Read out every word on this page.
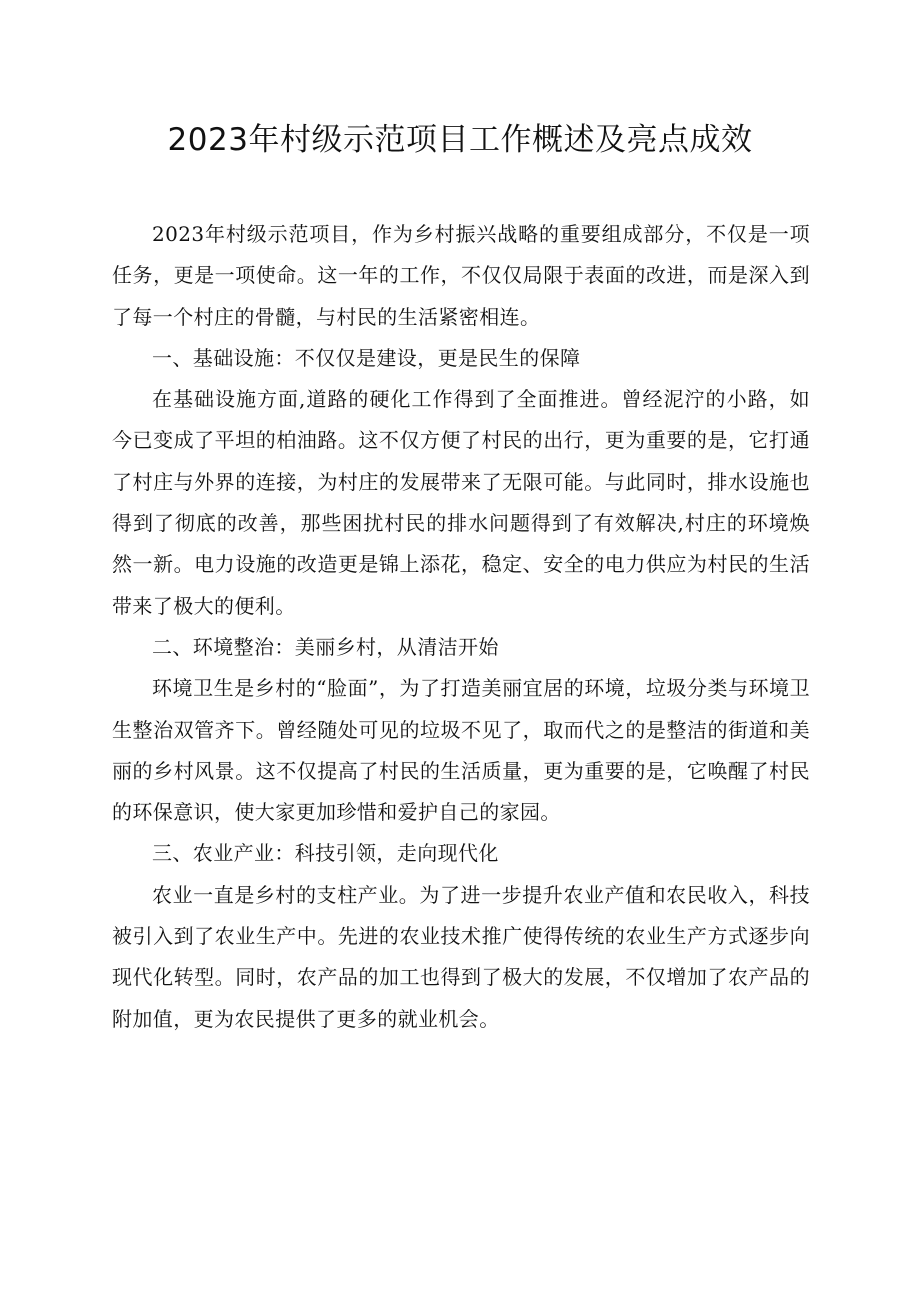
2023年村级示范项目工作概述及亮点成效

2023年村级示范项目，作为乡村振兴战略的重要组成部分，不仅是一项任务，更是一项使命。这一年的工作，不仅仅局限于表面的改进，而是深入到了每一个村庄的骨髓，与村民的生活紧密相连。

一、基础设施：不仅仅是建设，更是民生的保障

在基础设施方面,道路的硬化工作得到了全面推进。曾经泥泞的小路，如今已变成了平坦的柏油路。这不仅方便了村民的出行，更为重要的是，它打通了村庄与外界的连接，为村庄的发展带来了无限可能。与此同时，排水设施也得到了彻底的改善，那些困扰村民的排水问题得到了有效解决,村庄的环境焕然一新。电力设施的改造更是锦上添花，稳定、安全的电力供应为村民的生活带来了极大的便利。

二、环境整治：美丽乡村，从清洁开始

环境卫生是乡村的“脸面”，为了打造美丽宜居的环境，垃圾分类与环境卫生整治双管齐下。曾经随处可见的垃圾不见了，取而代之的是整洁的街道和美丽的乡村风景。这不仅提高了村民的生活质量，更为重要的是，它唤醒了村民的环保意识，使大家更加珍惜和爱护自己的家园。

三、农业产业：科技引领，走向现代化

农业一直是乡村的支柱产业。为了进一步提升农业产值和农民收入，科技被引入到了农业生产中。先进的农业技术推广使得传统的农业生产方式逐步向现代化转型。同时，农产品的加工也得到了极大的发展，不仅增加了农产品的附加值，更为农民提供了更多的就业机会。
